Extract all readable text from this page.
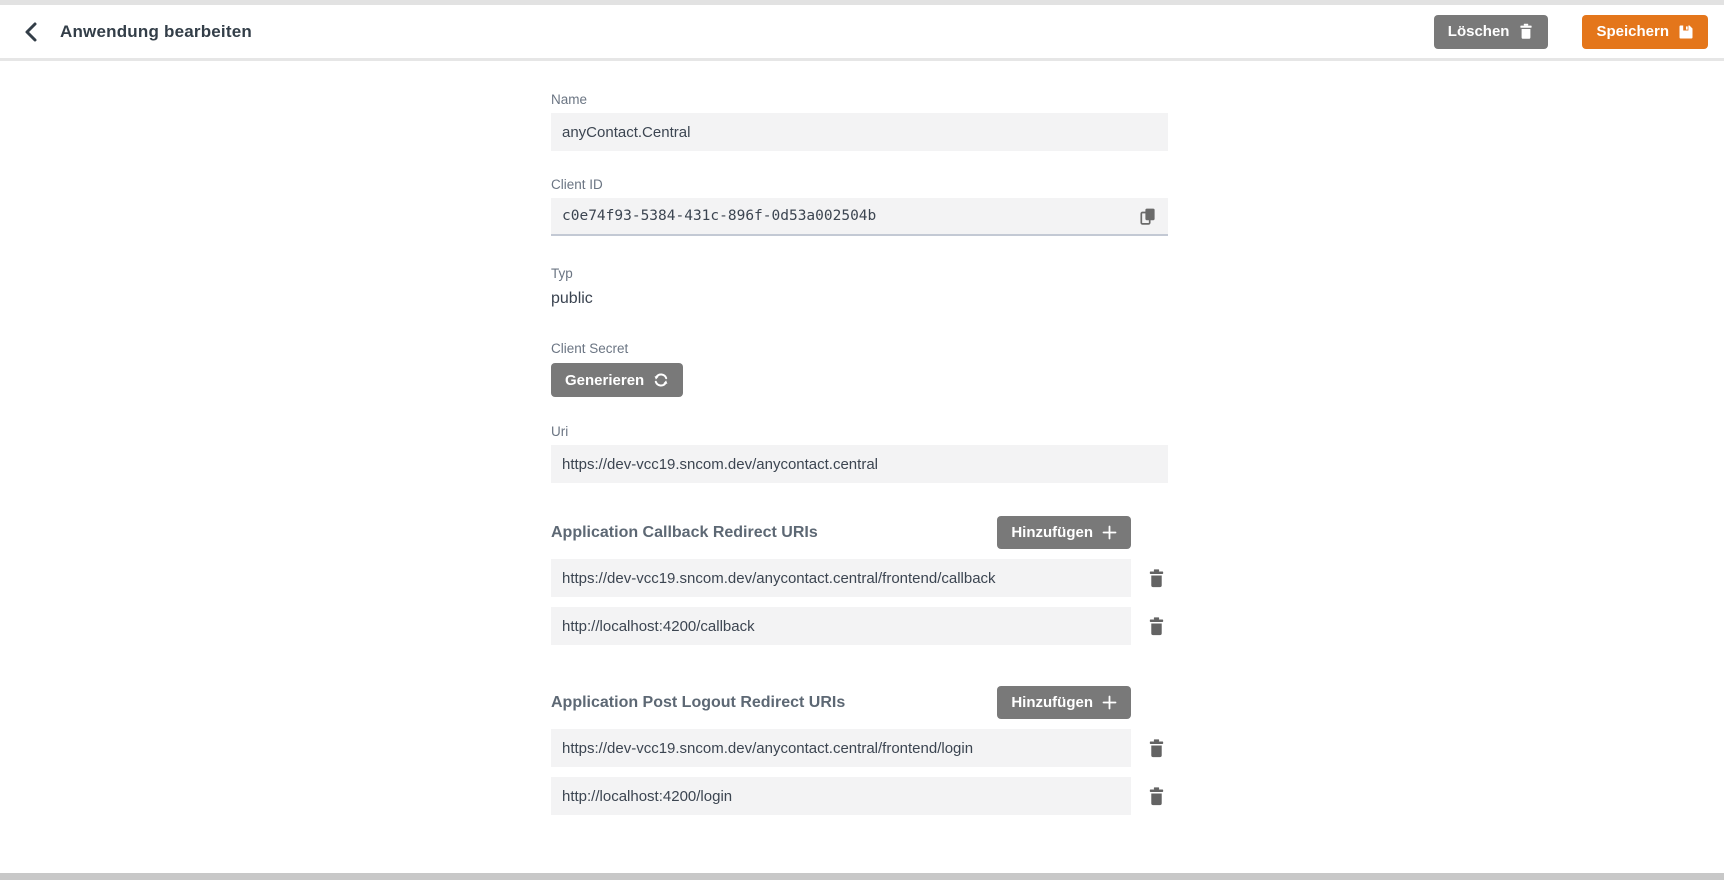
Anwendung bearbeiten	Löschen	Speichern
Name
anyContact.Central
Client ID
c0e74f93-5384-431c-896f-0d53a002504b
Typ
public
Client Secret
Generieren
Uri
https://dev-vcc19.sncom.dev/anycontact.central
Application Callback Redirect URIs	Hinzufügen
https://dev-vcc19.sncom.dev/anycontact.central/frontend/callback
http://localhost:4200/callback
Application Post Logout Redirect URIs	Hinzufügen
https://dev-vcc19.sncom.dev/anycontact.central/frontend/login
http://localhost:4200/login
